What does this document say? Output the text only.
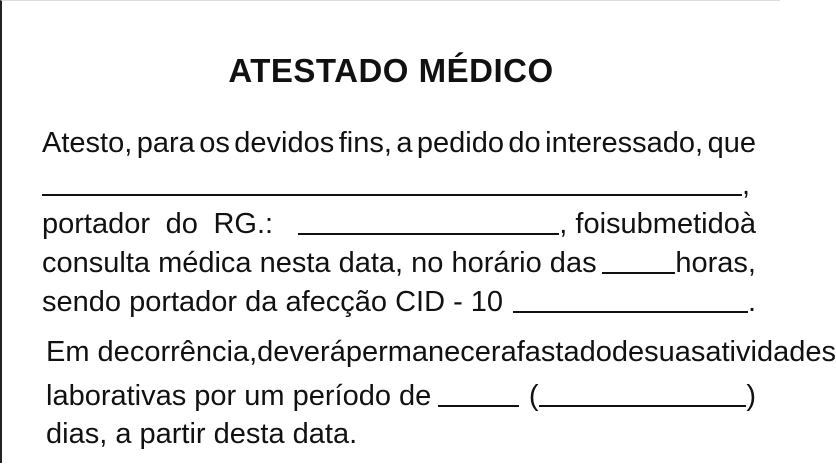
ATESTADO MÉDICO
Atesto, para os devidos fins, a pedido do interessado, que
,
portador do RG.:	, foi submetido à
consulta médica nesta data, no horário das	horas,
sendo portador da afecção CID - 10	.
Em decorrência, deverá permanecer afastado de suas atividades
laborativas por um período de	(	)
dias, a partir desta data.
